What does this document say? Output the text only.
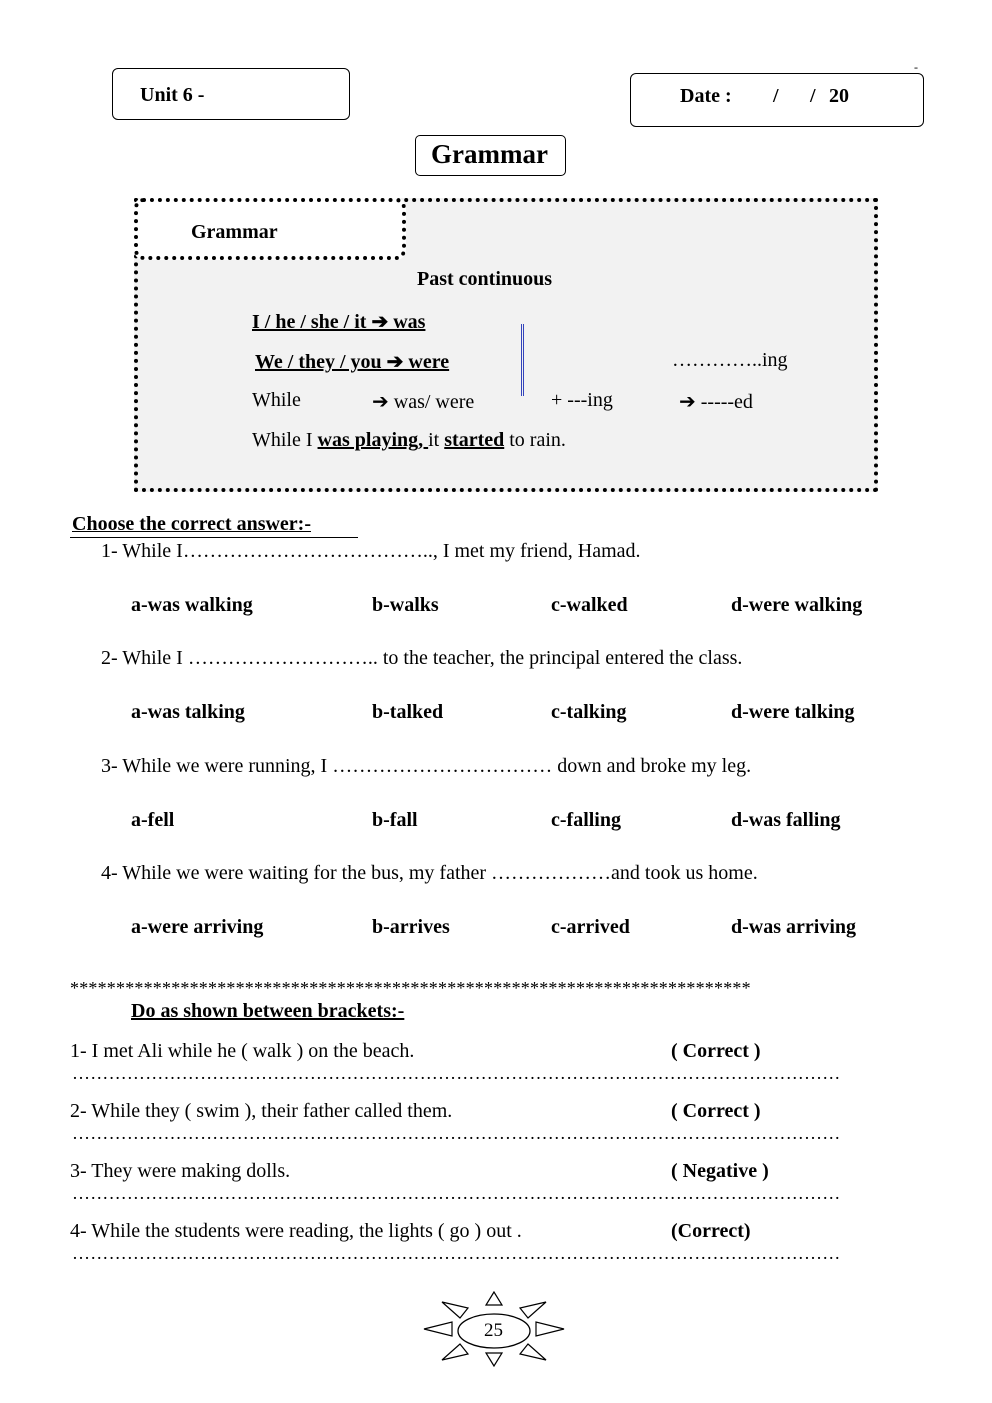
Unit 6 -	Date : / / 20
-
Grammar
Grammar
Past continuous
I / he / she / it ➔ was
We / they / you ➔ were	…………..ing
While	➔ was/ were	+ ---ing	➔ -----ed
While I was playing, it started to rain.
Choose the correct answer:-
1- While I……………………………….., I met my friend, Hamad.
a-was walking	b-walks	c-walked	d-were walking
2- While I ……………………….. to the teacher, the principal entered the class.
a-was talking	b-talked	c-talking	d-were talking
3- While we were running, I …………………………… down and broke my leg.
a-fell	b-fall	c-falling	d-was falling
4- While we were waiting for the bus, my father ………………and took us home.
a-were arriving	b-arrives	c-arrived	d-was arriving
**************************************************************************
Do as shown between brackets:-
1- I met Ali while he ( walk ) on the beach.	( Correct )
………………………………………………………………………………………………………………
2- While they ( swim ), their father called them.	( Correct )
………………………………………………………………………………………………………………
3- They were making dolls.	( Negative )
………………………………………………………………………………………………………………
4- While the students were reading, the lights ( go ) out .	(Correct)
………………………………………………………………………………………………………………
25
